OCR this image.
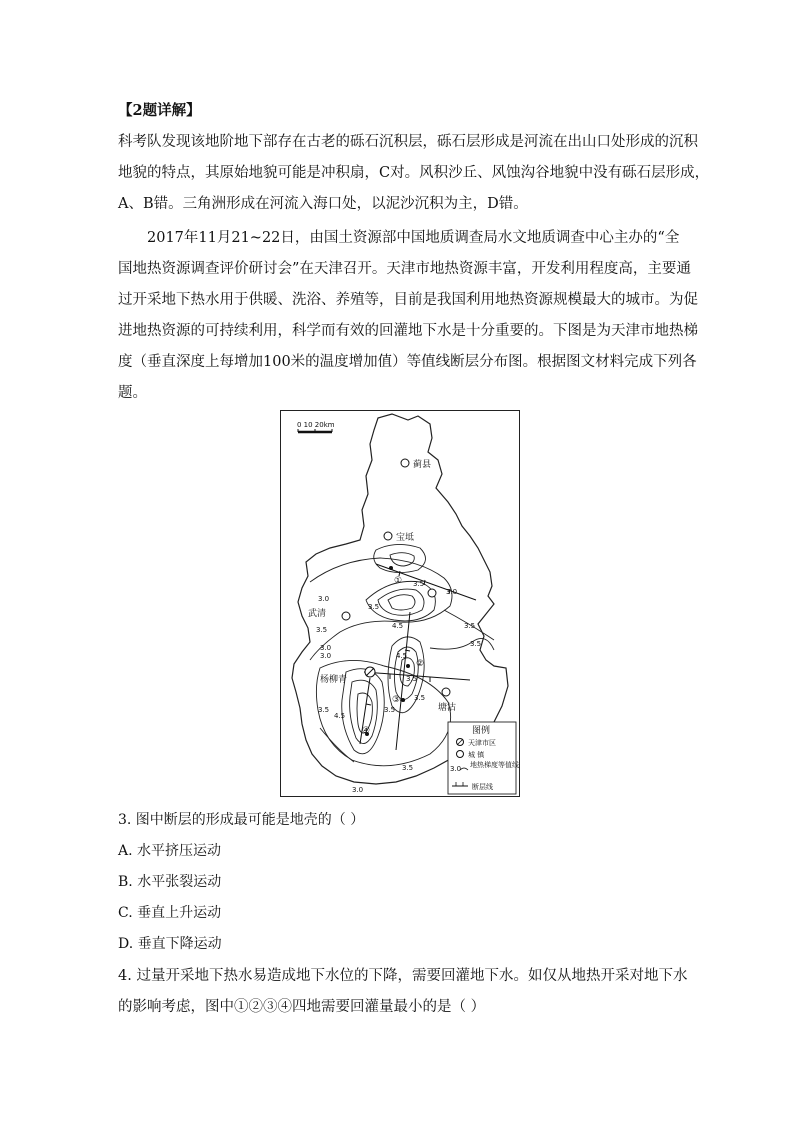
【2题详解】
科考队发现该地阶地下部存在古老的砾石沉积层，砾石层形成是河流在出山口处形成的沉积
地貌的特点，其原始地貌可能是冲积扇，C对。风积沙丘、风蚀沟谷地貌中没有砾石层形成，
A、B错。三角洲形成在河流入海口处，以泥沙沉积为主，D错。
　　2017年11月21~22日，由国土资源部中国地质调查局水文地质调查中心主办的“全
国地热资源调查评价研讨会”在天津召开。天津市地热资源丰富，开发利用程度高，主要通
过开采地下热水用于供暖、洗浴、养殖等，目前是我国利用地热资源规模最大的城市。为促
进地热资源的可持续利用，科学而有效的回灌地下水是十分重要的。下图是为天津市地热梯
度（垂直深度上每增加100米的温度增加值）等值线断层分布图。根据图文材料完成下列各
题。
0 10 20km
蓟县
宝坻
武清
杨柳青
塘沽
①
②
③
④
3.0
3.5
3.5
3.0
3.5
3.0
3.5
4.5
3.5
4.5
3.5
3.0
3.5
3.5
4.5
3.5
3.0
3.5
图例
天津市区
城 镇
3.0 地热梯度等值线
断层线
3. 图中断层的形成最可能是地壳的（ ）
A. 水平挤压运动
B. 水平张裂运动
C. 垂直上升运动
D. 垂直下降运动
4. 过量开采地下热水易造成地下水位的下降，需要回灌地下水。如仅从地热开采对地下水
的影响考虑，图中①②③④四地需要回灌量最小的是（ ）
